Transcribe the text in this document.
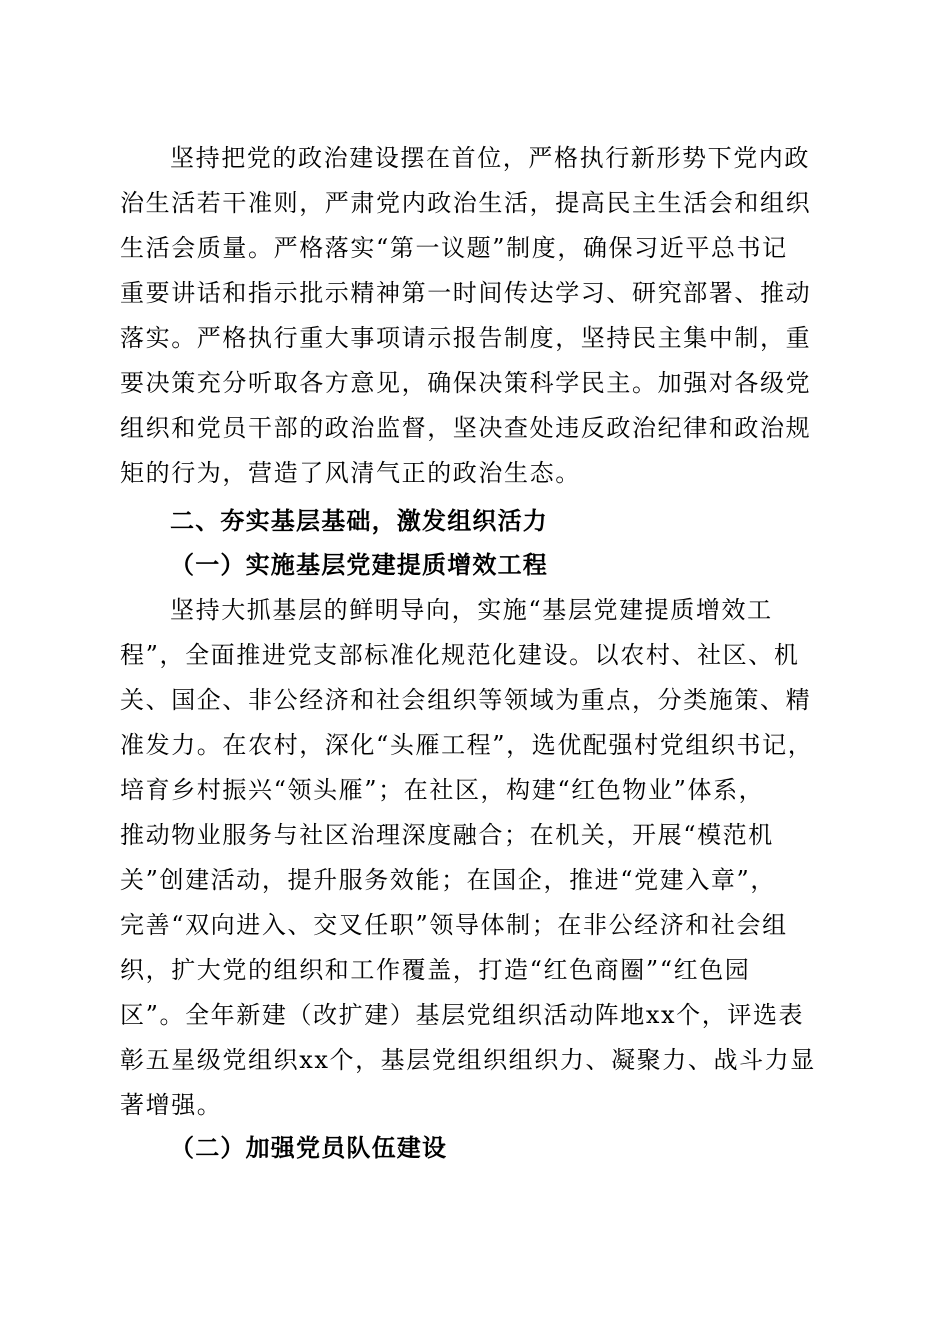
坚持把党的政治建设摆在首位，严格执行新形势下党内政
治生活若干准则，严肃党内政治生活，提高民主生活会和组织
生活会质量。严格落实“第一议题”制度，确保习近平总书记
重要讲话和指示批示精神第一时间传达学习、研究部署、推动
落实。严格执行重大事项请示报告制度，坚持民主集中制，重
要决策充分听取各方意见，确保决策科学民主。加强对各级党
组织和党员干部的政治监督，坚决查处违反政治纪律和政治规
矩的行为，营造了风清气正的政治生态。
二、夯实基层基础，激发组织活力
（一）实施基层党建提质增效工程
坚持大抓基层的鲜明导向，实施“基层党建提质增效工
程”，全面推进党支部标准化规范化建设。以农村、社区、机
关、国企、非公经济和社会组织等领域为重点，分类施策、精
准发力。在农村，深化“头雁工程”，选优配强村党组织书记，
培育乡村振兴“领头雁”；在社区，构建“红色物业”体系，
推动物业服务与社区治理深度融合；在机关，开展“模范机
关”创建活动，提升服务效能；在国企，推进“党建入章”，
完善“双向进入、交叉任职”领导体制；在非公经济和社会组
织，扩大党的组织和工作覆盖，打造“红色商圈”“红色园
区”。全年新建（改扩建）基层党组织活动阵地xx个，评选表
彰五星级党组织xx个，基层党组织组织力、凝聚力、战斗力显
著增强。
（二）加强党员队伍建设
